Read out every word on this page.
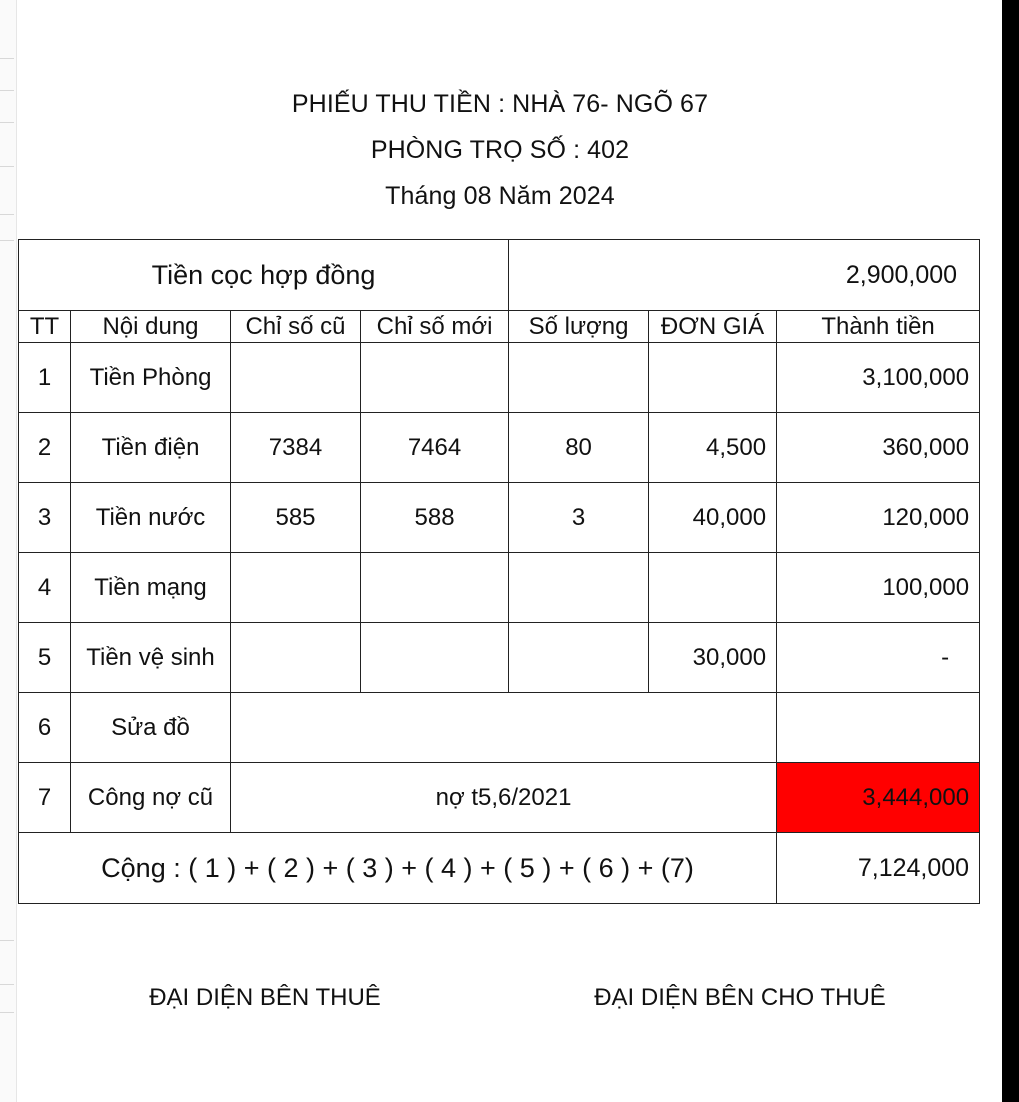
PHIẾU THU TIỀN : NHÀ 76- NGÕ 67
PHÒNG TRỌ SỐ : 402
Tháng 08 Năm 2024
Tiền cọc hợp đồng				2,900,000		
TT	Nội dung	Chỉ số cũ	Chỉ số mới	Số lượng	ĐƠN GIÁ	Thành tiền
1	Tiền Phòng					3,100,000
2	Tiền điện	7384	7464	80	4,500	360,000
3	Tiền nước	585	588	3	40,000	120,000
4	Tiền mạng					100,000
5	Tiền vệ sinh				30,000	-
6	Sửa đồ					
7	Công nợ cũ	nợ t5,6/2021				3,444,000
Cộng : ( 1 ) + ( 2 ) + ( 3 ) + ( 4 ) + ( 5 ) + ( 6 ) + (7)						7,124,000
ĐẠI DIỆN BÊN THUÊ	ĐẠI DIỆN BÊN CHO THUÊ
